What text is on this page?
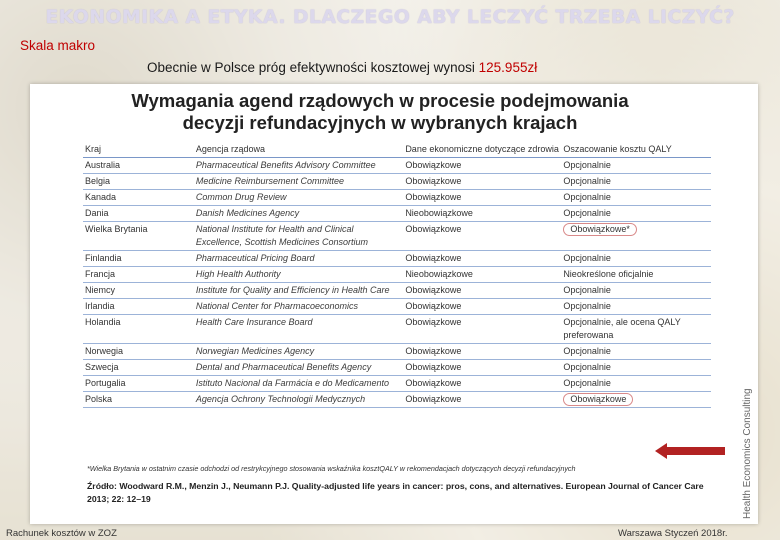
EKONOMIKA A ETYKA. DLACZEGO ABY LECZYĆ TRZEBA LICZYĆ?
Skala makro
Obecnie w Polsce próg efektywności kosztowej wynosi 125.955zł
Wymagania agend rządowych w procesie podejmowania
decyzji refundacyjnych w wybranych krajach
Kraj	Agencja rządowa	Dane ekonomiczne dotyczące zdrowia	Oszacowanie kosztu QALY
Australia	Pharmaceutical Benefits Advisory Committee	Obowiązkowe	Opcjonalnie
Belgia	Medicine Reimbursement Committee	Obowiązkowe	Opcjonalnie
Kanada	Common Drug Review	Obowiązkowe	Opcjonalnie
Dania	Danish Medicines Agency	Nieobowiązkowe	Opcjonalnie
Wielka Brytania	National Institute for Health and Clinical Excellence, Scottish Medicines Consortium	Obowiązkowe	Obowiązkowe*
Finlandia	Pharmaceutical Pricing Board	Obowiązkowe	Opcjonalnie
Francja	High Health Authority	Nieobowiązkowe	Nieokreślone oficjalnie
Niemcy	Institute for Quality and Efficiency in Health Care	Obowiązkowe	Opcjonalnie
Irlandia	National Center for Pharmacoeconomics	Obowiązkowe	Opcjonalnie
Holandia	Health Care Insurance Board	Obowiązkowe	Opcjonalnie, ale ocena QALY preferowana
Norwegia	Norwegian Medicines Agency	Obowiązkowe	Opcjonalnie
Szwecja	Dental and Pharmaceutical Benefits Agency	Obowiązkowe	Opcjonalnie
Portugalia	Istituto Nacional da Farmácia e do Medicamento	Obowiązkowe	Opcjonalnie
Polska	Agencja Ochrony Technologii Medycznych	Obowiązkowe	Obowiązkowe
*Wielka Brytania w ostatnim czasie odchodzi od restrykcyjnego stosowania wskaźnika kosztQALY w rekomendacjach dotyczących decyzji refundacyjnych
Źródło: Woodward R.M., Menzin J., Neumann P.J. Quality-adjusted life years in cancer: pros, cons, and alternatives. European Journal of Cancer Care 2013; 22: 12–19	Health Economics Consulting
Rachunek kosztów w ZOZ	Warszawa Styczeń 2018r.
